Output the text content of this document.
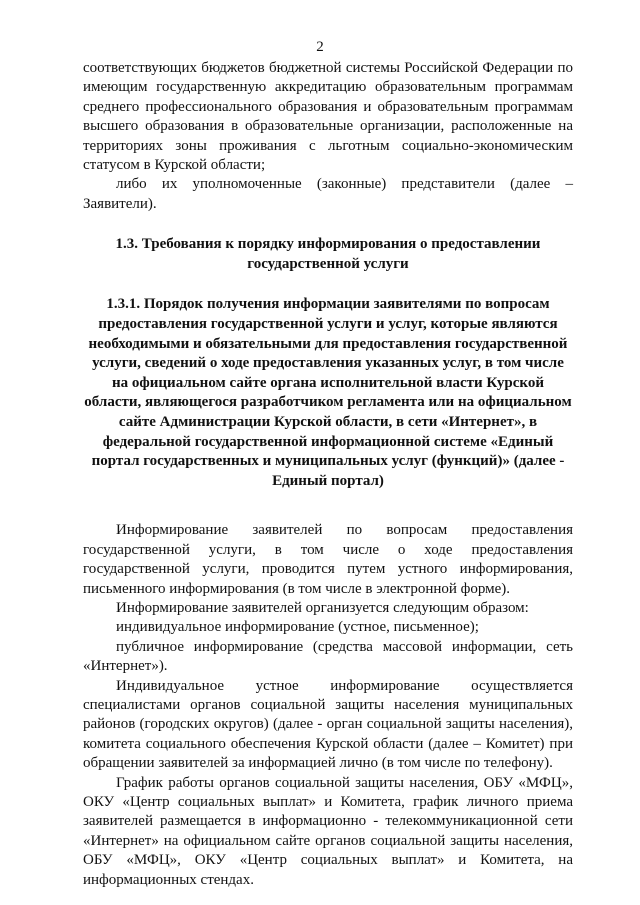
2

соответствующих бюджетов бюджетной системы Российской Федерации по имеющим государственную аккредитацию образовательным программам среднего профессионального образования и образовательным программам высшего образования в образовательные организации, расположенные на территориях зоны проживания с льготным социально-экономическим статусом в Курской области;

либо их уполномоченные (законные) представители (далее – Заявители).

1.3. Требования к порядку информирования о предоставлении государственной услуги

1.3.1. Порядок получения информации заявителями по вопросам предоставления государственной услуги и услуг, которые являются необходимыми и обязательными для предоставления государственной услуги, сведений о ходе предоставления указанных услуг, в том числе на официальном сайте органа исполнительной власти Курской области, являющегося разработчиком регламента или на официальном сайте Администрации Курской области, в сети «Интернет», в федеральной государственной информационной системе «Единый портал государственных и муниципальных услуг (функций)» (далее - Единый портал)

Информирование заявителей по вопросам предоставления государственной услуги, в том числе о ходе предоставления государственной услуги, проводится путем устного информирования, письменного информирования (в том числе в электронной форме).

Информирование заявителей организуется следующим образом:

индивидуальное информирование (устное, письменное);

публичное информирование (средства массовой информации, сеть «Интернет»).

Индивидуальное устное информирование осуществляется специалистами органов социальной защиты населения муниципальных районов (городских округов) (далее - орган социальной защиты населения), комитета социального обеспечения Курской области (далее – Комитет) при обращении заявителей за информацией лично (в том числе по телефону).

График работы органов социальной защиты населения, ОБУ «МФЦ», ОКУ «Центр социальных выплат» и Комитета, график личного приема заявителей размещается в информационно - телекоммуникационной сети «Интернет» на официальном сайте органов социальной защиты населения, ОБУ «МФЦ», ОКУ «Центр социальных выплат» и Комитета, на информационных стендах.
